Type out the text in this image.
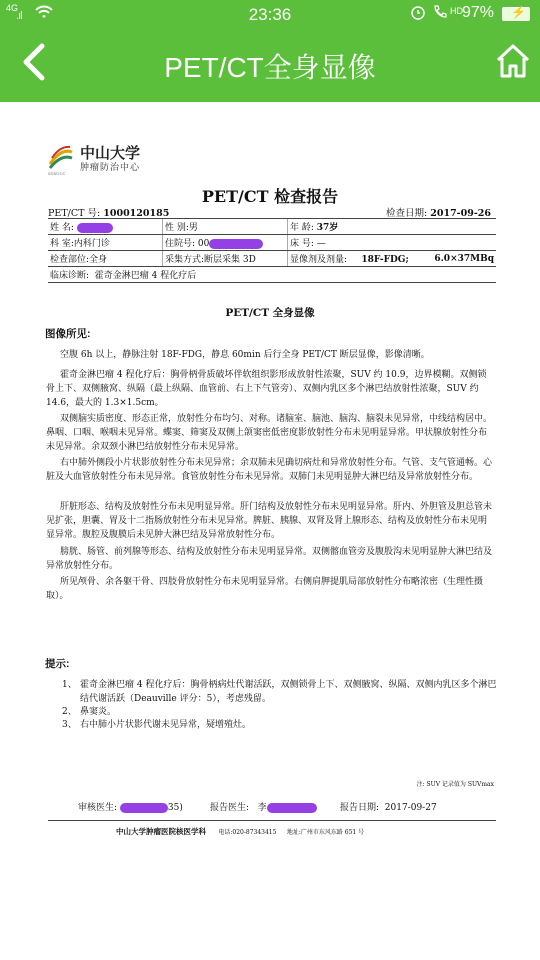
4G
.ıl	23:36	HD 97% ⚡
PET/CT全身显像
中山大学
肿瘤防治中心
SYSUCC
PET/CT 检查报告
PET/CT 号: 1000120185	检查日期: 2017-09-26
姓 名:	性 别:男	年 龄: 37岁	
科 室:内科门诊	住院号: 00	床 号: —	
检查部位:全身	采集方式:断层采集 3D	显像剂及剂量: 18F-FDG;	6.0×37MBq
临床诊断: 霍奇金淋巴瘤 4 程化疗后			
PET/CT 全身显像
图像所见:
空腹 6h 以上，静脉注射 18F-FDG，静息 60min 后行全身 PET/CT 断层显像，影像清晰。
霍奇金淋巴瘤 4 程化疗后：胸骨柄骨质破坏伴软组织影形成放射性浓聚，SUV 约 10.9，边界模糊。双侧锁骨上下、双侧腋窝、纵隔（最上纵隔、血管前、右上下气管旁）、双侧内乳区多个淋巴结放射性浓聚，SUV 约 14.6，最大的 1.3×1.5cm。
双侧脑实质密度、形态正常，放射性分布均匀、对称。诸脑室、脑池、脑沟、脑裂未见异常，中线结构居中。鼻咽、口咽、喉咽未见异常。蝶窦、筛窦及双侧上颌窦密低密度影放射性分布未见明显异常。甲状腺放射性分布未见异常。余双颈小淋巴结放射性分布未见异常。
右中肺外侧段小片状影放射性分布未见异常；余双肺未见确切病灶和异常放射性分布。气管、支气管通畅。心脏及大血管放射性分布未见异常。食管放射性分布未见异常。双肺门未见明显肿大淋巴结及异常放射性分布。
肝脏形态、结构及放射性分布未见明显异常。肝门结构及放射性分布未见明显异常。肝内、外胆管及胆总管未见扩张，胆囊、胃及十二指肠放射性分布未见异常。脾脏、胰腺、双肾及肾上腺形态、结构及放射性分布未见明显异常。腹腔及腹膜后未见肿大淋巴结及异常放射性分布。
膀胱、肠管、前列腺等形态、结构及放射性分布未见明显异常。双侧髂血管旁及腹股沟未见明显肿大淋巴结及异常放射性分布。
所见颅骨、余各躯干骨、四肢骨放射性分布未见明显异常。右侧肩胛提肌局部放射性分布略浓密（生理性摄取）。
提示:
1、 霍奇金淋巴瘤 4 程化疗后：胸骨柄病灶代谢活跃，双侧锁骨上下、双侧腋窝、纵隔、双侧内乳区多个淋巴结代谢活跃（Deauville 评分：5），考虑残留。
2、 鼻窦炎。
3、 右中肺小片状影代谢未见异常，疑增殖灶。
注: SUV 记录值为 SUVmax
审核医生:	35)	报告医生: 李	报告日期: 2017-09-27
中山大学肿瘤医院核医学科 电话:020-87343415 地址:广州市东风东路 651 号
